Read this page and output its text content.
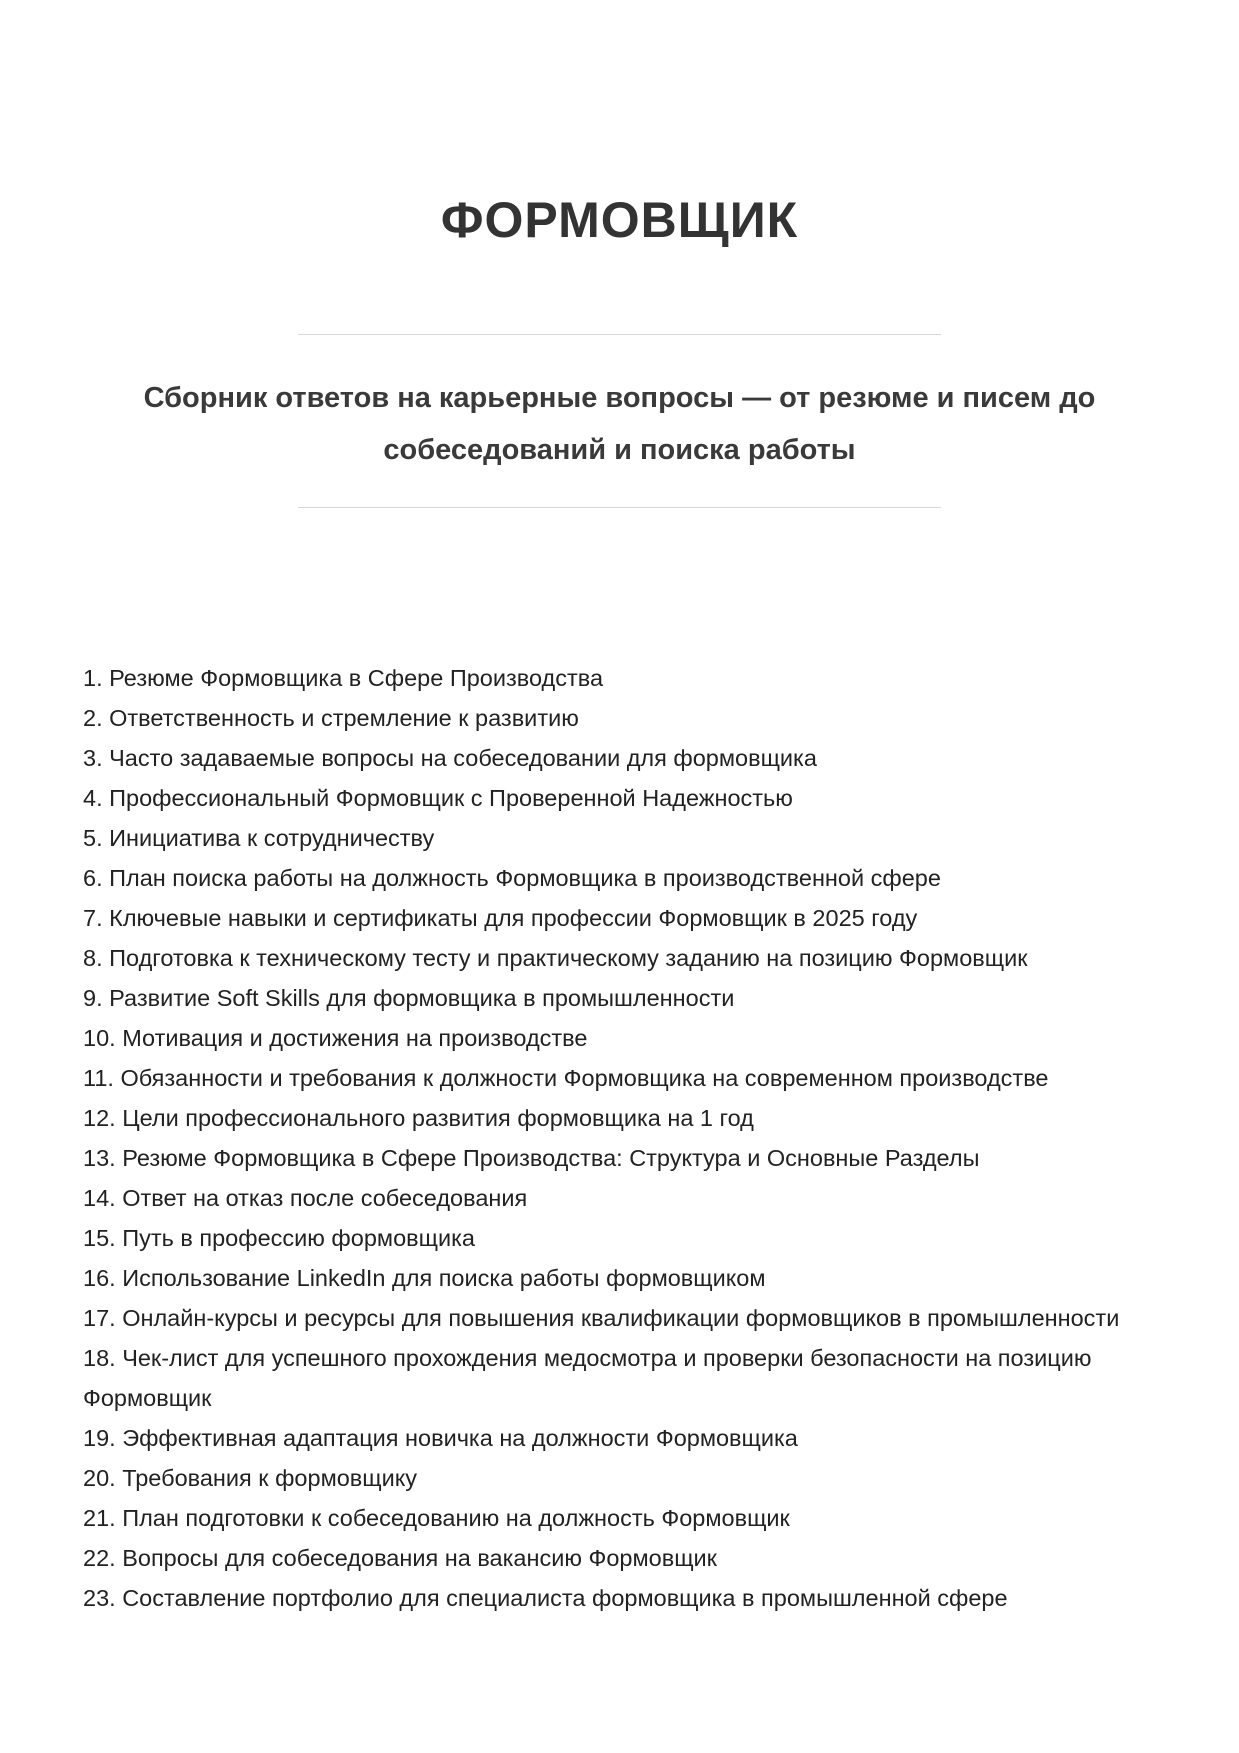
ФОРМОВЩИК

Сборник ответов на карьерные вопросы — от резюме и писем до собеседований и поиска работы

1. Резюме Формовщика в Сфере Производства
2. Ответственность и стремление к развитию
3. Часто задаваемые вопросы на собеседовании для формовщика
4. Профессиональный Формовщик с Проверенной Надежностью
5. Инициатива к сотрудничеству
6. План поиска работы на должность Формовщика в производственной сфере
7. Ключевые навыки и сертификаты для профессии Формовщик в 2025 году
8. Подготовка к техническому тесту и практическому заданию на позицию Формовщик
9. Развитие Soft Skills для формовщика в промышленности
10. Мотивация и достижения на производстве
11. Обязанности и требования к должности Формовщика на современном производстве
12. Цели профессионального развития формовщика на 1 год
13. Резюме Формовщика в Сфере Производства: Структура и Основные Разделы
14. Ответ на отказ после собеседования
15. Путь в профессию формовщика
16. Использование LinkedIn для поиска работы формовщиком
17. Онлайн-курсы и ресурсы для повышения квалификации формовщиков в промышленности
18. Чек-лист для успешного прохождения медосмотра и проверки безопасности на позицию Формовщик
19. Эффективная адаптация новичка на должности Формовщика
20. Требования к формовщику
21. План подготовки к собеседованию на должность Формовщик
22. Вопросы для собеседования на вакансию Формовщик
23. Составление портфолио для специалиста формовщика в промышленной сфере
